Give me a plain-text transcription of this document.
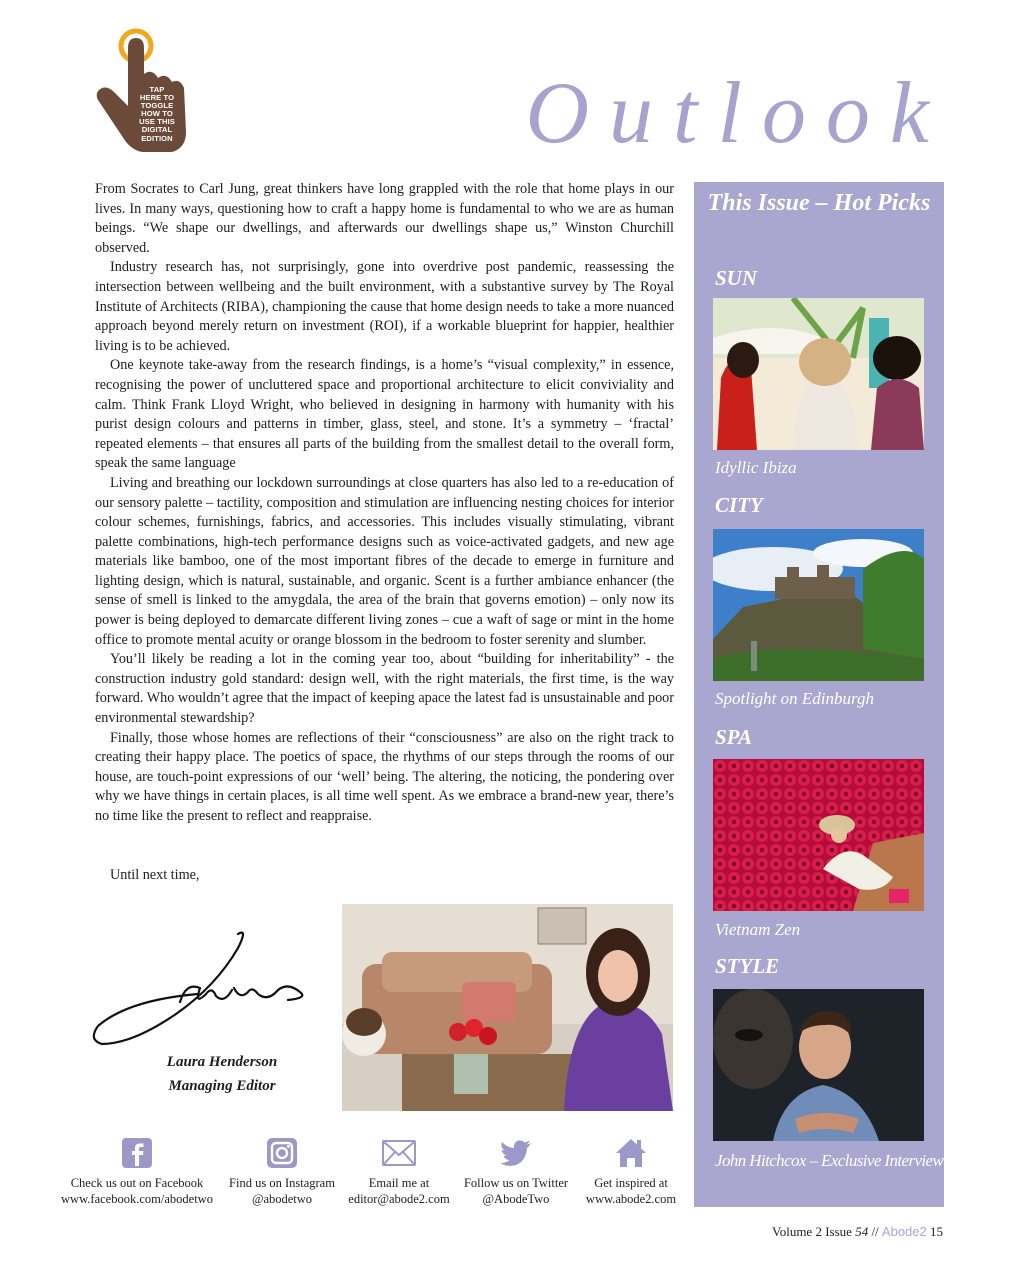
TAP
HERE TO
TOGGLE
HOW TO
USE THIS
DIGITAL
EDITION	Outlook

From Socrates to Carl Jung, great thinkers have long grappled with the role that home plays in our lives. In many ways, questioning how to craft a happy home is fundamental to who we are as human beings. “We shape our dwellings, and afterwards our dwellings shape us,” Winston Churchill observed.

Industry research has, not surprisingly, gone into overdrive post pandemic, reassessing the intersection between wellbeing and the built environment, with a substantive survey by The Royal Institute of Architects (RIBA), championing the cause that home design needs to take a more nuanced approach beyond merely return on investment (ROI), if a workable blueprint for happier, healthier living is to be achieved.

One keynote take-away from the research findings, is a home’s “visual complexity,” in essence, recognising the power of uncluttered space and proportional architecture to elicit conviviality and calm. Think Frank Lloyd Wright, who believed in designing in harmony with humanity with his purist design colours and patterns in timber, glass, steel, and stone. It’s a symmetry – ‘fractal’ repeated elements – that ensures all parts of the building from the smallest detail to the overall form, speak the same language

Living and breathing our lockdown surroundings at close quarters has also led to a re-education of our sensory palette – tactility, composition and stimulation are influencing nesting choices for interior colour schemes, furnishings, fabrics, and accessories. This includes visually stimulating, vibrant palette combinations, high-tech performance designs such as voice-activated gadgets, and new age materials like bamboo, one of the most important fibres of the decade to emerge in furniture and lighting design, which is natural, sustainable, and organic. Scent is a further ambiance enhancer (the sense of smell is linked to the amygdala, the area of the brain that governs emotion) – only now its power is being deployed to demarcate different living zones – cue a waft of sage or mint in the home office to promote mental acuity or orange blossom in the bedroom to foster serenity and slumber.

You’ll likely be reading a lot in the coming year too, about “building for inheritability” - the construction industry gold standard: design well, with the right materials, the first time, is the way forward. Who wouldn’t agree that the impact of keeping apace the latest fad is unsustainable and poor environmental stewardship?

Finally, those whose homes are reflections of their “consciousness” are also on the right track to creating their happy place. The poetics of space, the rhythms of our steps through the rooms of our house, are touch-point expressions of our ‘well’ being. The altering, the noticing, the pondering over why we have things in certain places, is all time well spent. As we embrace a brand-new year, there’s no time like the present to reflect and reappraise.

Until next time,
Laura Henderson
Managing Editor
Check us out on Facebook
www.facebook.com/abodetwo
Find us on Instagram
@abodetwo
Email me at
editor@abode2.com
Follow us on Twitter
@AbodeTwo
Get inspired at
www.abode2.com
This Issue – Hot Picks
SUN
Idyllic Ibiza
CITY
Spotlight on Edinburgh
SPA
Vietnam Zen
STYLE
John Hitchcox – Exclusive Interview
Volume 2 Issue 54 // Abode2 15
